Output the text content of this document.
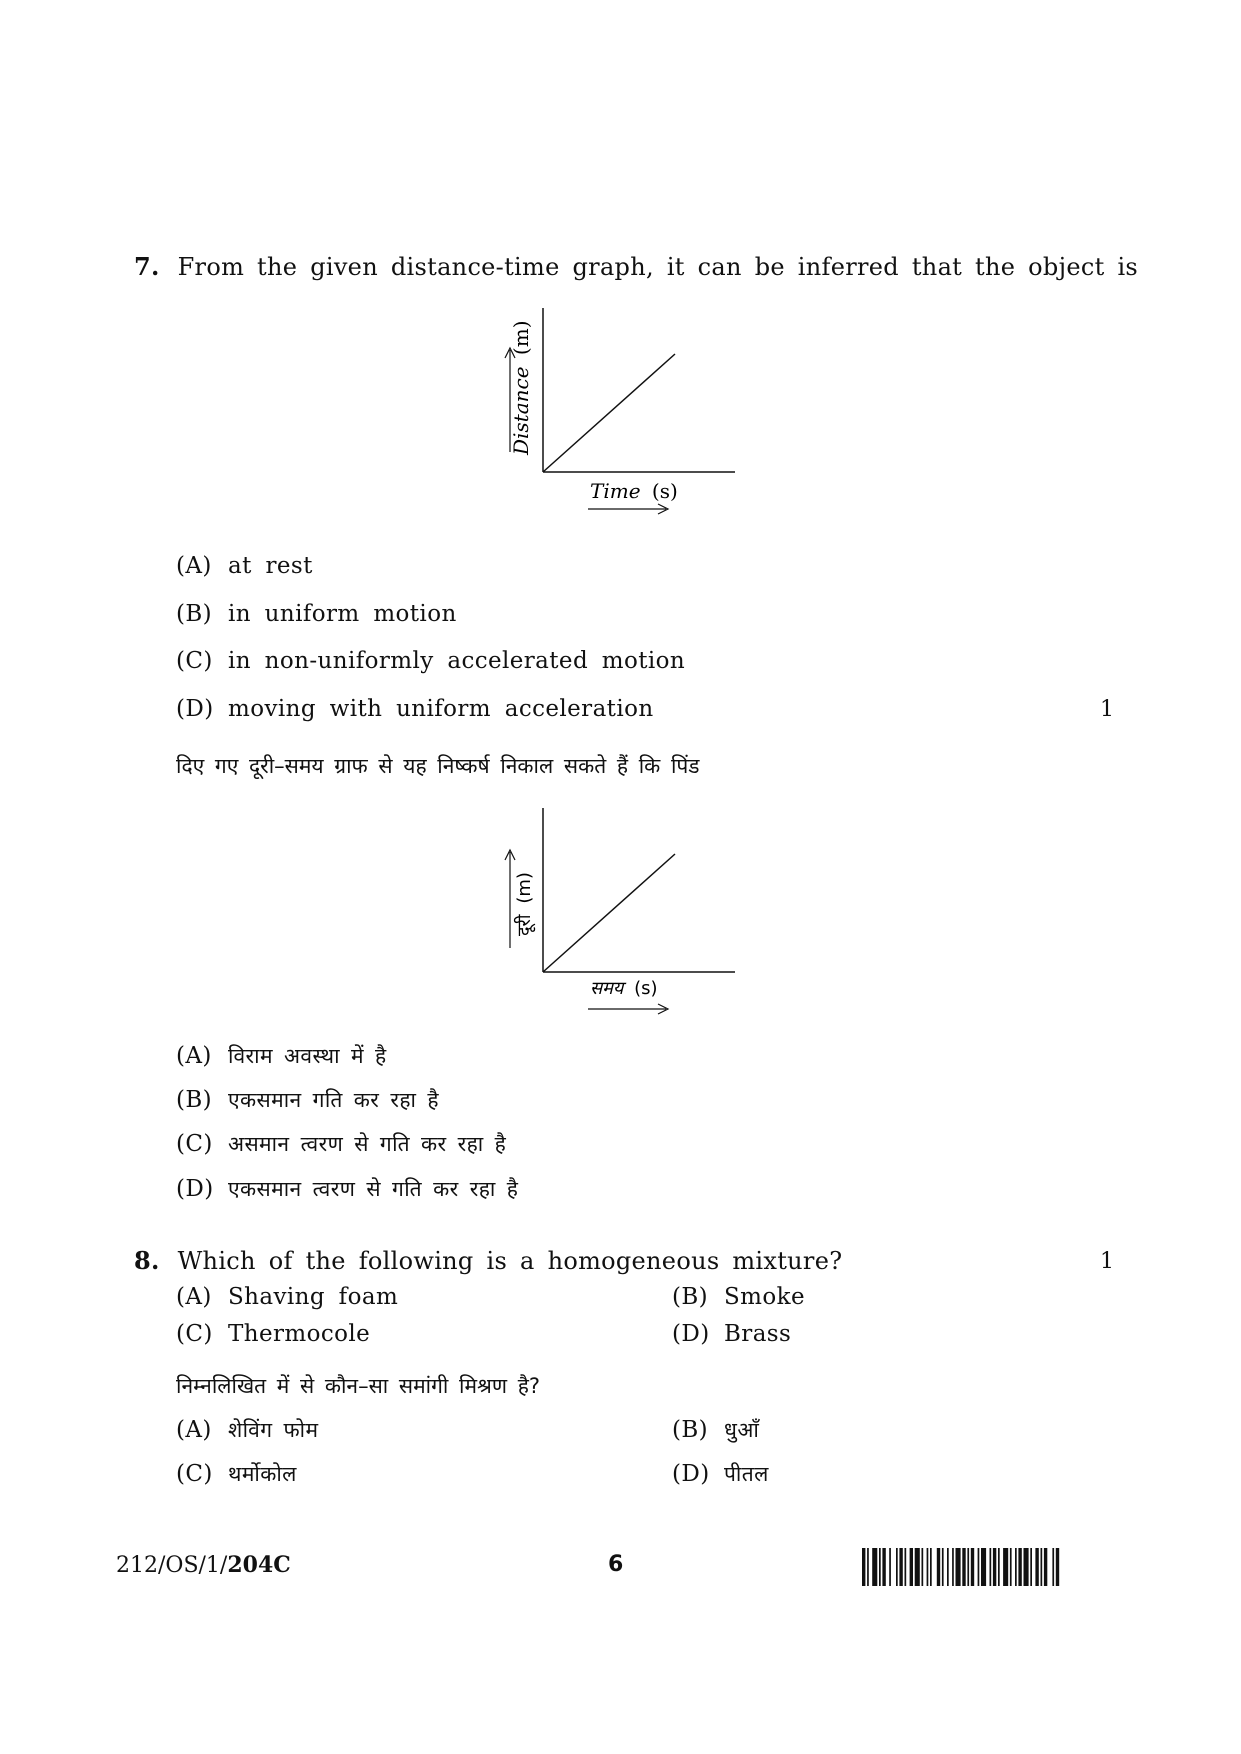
7. From the given distance-time graph, it can be inferred that the object is
Distance (m)
Time (s)
(A) at rest
(B) in uniform motion
(C) in non-uniformly accelerated motion
(D) moving with uniform acceleration	1
दिए गए दूरी–समय ग्राफ से यह निष्कर्ष निकाल सकते हैं कि पिंड
दूरी (m)
समय (s)
(A) विराम अवस्था में है
(B) एकसमान गति कर रहा है
(C) असमान त्वरण से गति कर रहा है
(D) एकसमान त्वरण से गति कर रहा है
8. Which of the following is a homogeneous mixture?	1
(A) Shaving foam	(B) Smoke
(C) Thermocole	(D) Brass
निम्नलिखित में से कौन–सा समांगी मिश्रण है?
(A) शेविंग फोम	(B) धुआँ
(C) थर्मोकोल	(D) पीतल
212/OS/1/204C	6
